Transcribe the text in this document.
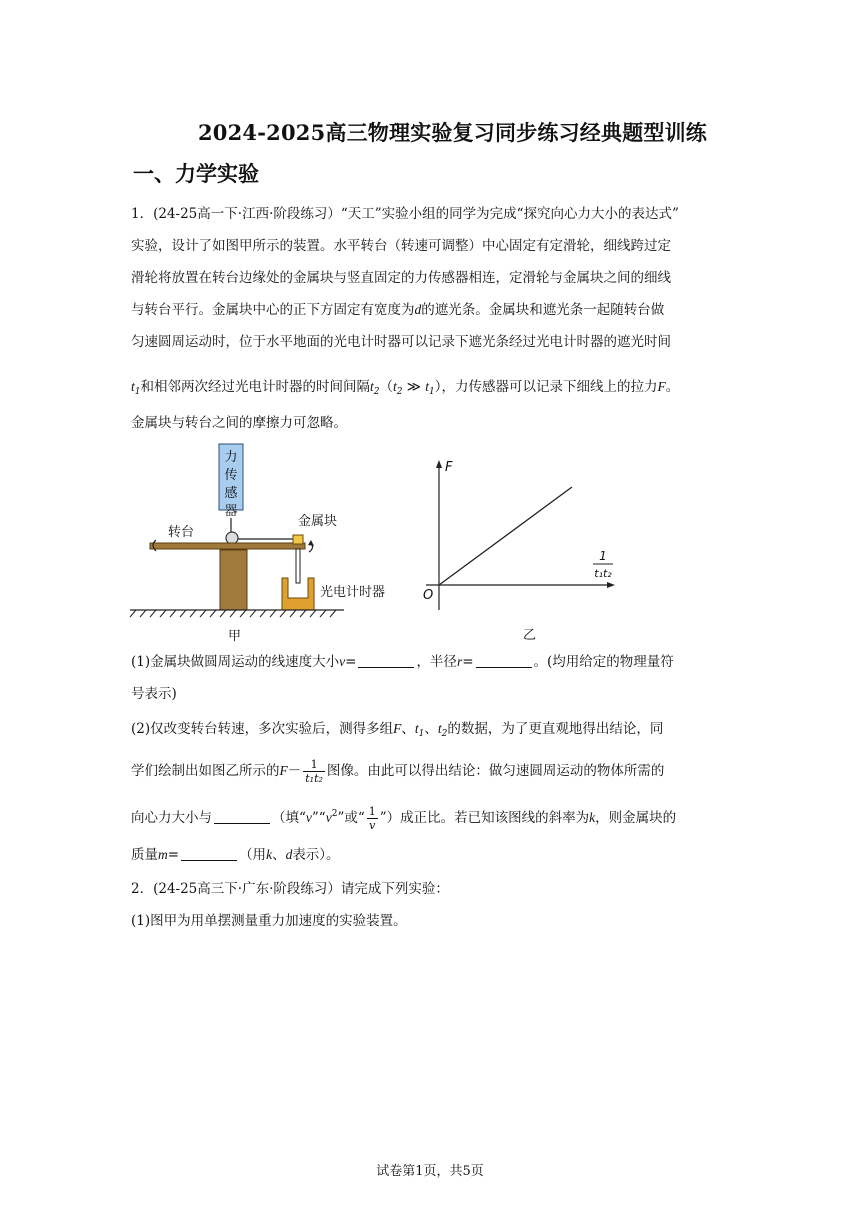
2024-2025高三物理实验复习同步练习经典题型训练
一、力学实验
1．(24-25高一下·江西·阶段练习）“天工”实验小组的同学为完成“探究向心力大小的表达式”
实验，设计了如图甲所示的装置。水平转台（转速可调整）中心固定有定滑轮，细线跨过定
滑轮将放置在转台边缘处的金属块与竖直固定的力传感器相连，定滑轮与金属块之间的细线
与转台平行。金属块中心的正下方固定有宽度为d的遮光条。金属块和遮光条一起随转台做
匀速圆周运动时，位于水平地面的光电计时器可以记录下遮光条经过光电计时器的遮光时间
$t_1$和相邻两次经过光电计时器的时间间隔$t_2(t_2$ ≫ $t_1$），力传感器可以记录下细线上的拉力F。
金属块与转台之间的摩擦力可忽略。
力
传
感
器
转台
金属块
光电计时器
甲
F
O
1
t₁t₂
乙
(1)金属块做圆周运动的线速度大小v=	，半径r=	。(均用给定的物理量符
号表示)
(2)仅改变转台转速，多次实验后，测得多组F、$t_1$、$t_2$的数据，为了更直观地得出结论，同
学们绘制出如图乙所示的$F- \frac{1}{\text{t₁t₂}}$ 图像。由此可以得出结论：做匀速圆周运动的物体所需的
向心力大小与	（填“$v”“v^2$”或“ $\frac{1}{v}$ ”）成正比。若已知该图线的斜率为k，则金属块的
质量m=	（用k、d表示）。
2．(24-25高三下·广东·阶段练习）请完成下列实验：
(1)图甲为用单摆测量重力加速度的实验装置。
试卷第1页，共5页
